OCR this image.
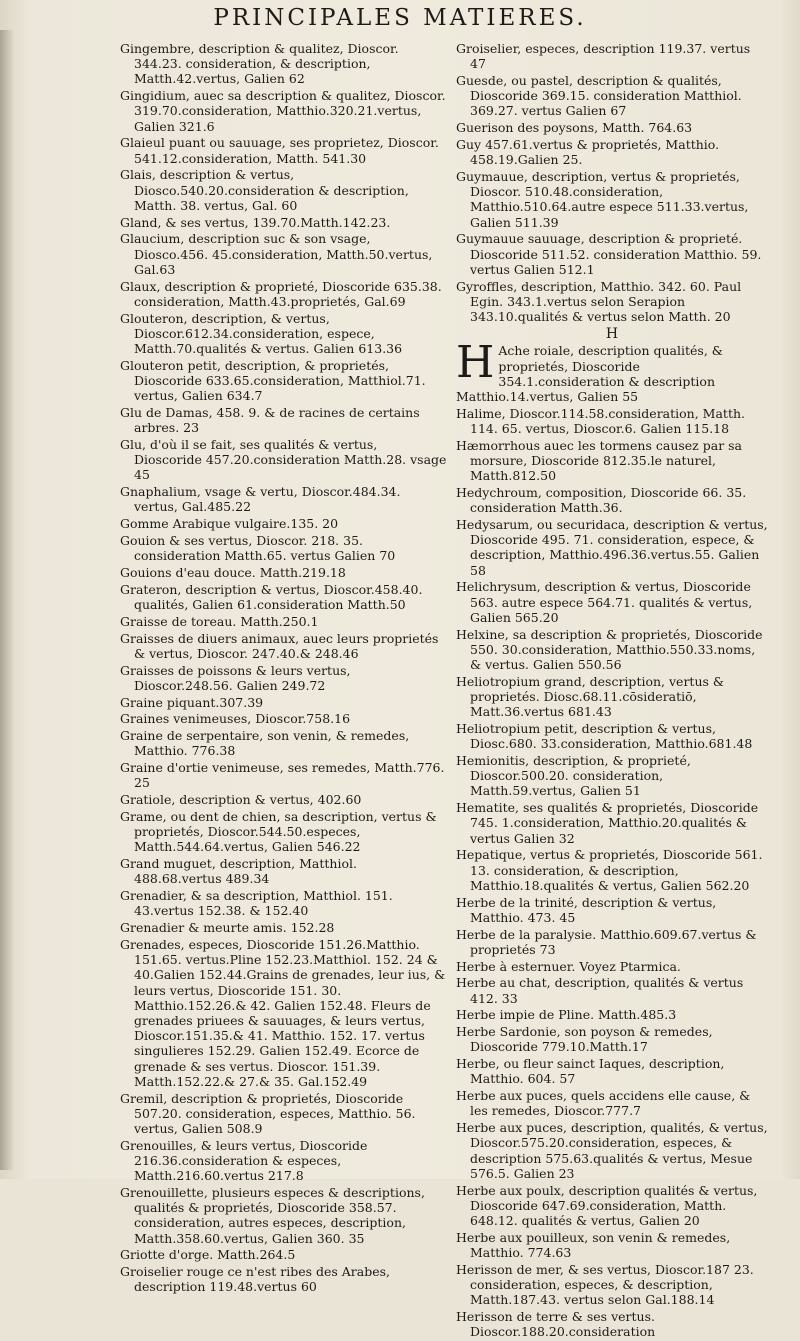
PRINCIPALES MATIERES.
Gingembre, description & qualitez, Dioscor. 344.23. consideration, & description, Matth.42.vertus, Galien 62
Gingidium, auec sa description & qualitez, Dioscor. 319.70.consideration, Matthio.320.21.vertus, Galien 321.6
Glaieul puant ou sauuage, ses proprietez, Dioscor. 541.12.consideration, Matth. 541.30
Glais, description & vertus, Diosco.540.20.consideration & description, Matth. 38. vertus, Gal. 60
Gland, & ses vertus, 139.70.Matth.142.23.
Glaucium, description suc & son vsage, Diosco.456. 45.consideration, Matth.50.vertus, Gal.63
Glaux, description & proprieté, Dioscoride 635.38. consideration, Matth.43.proprietés, Gal.69
Glouteron, description, & vertus, Dioscor.612.34.consideration, espece, Matth.70.qualités & vertus. Galien 613.36
Glouteron petit, description, & proprietés, Dioscoride 633.65.consideration, Matthiol.71. vertus, Galien 634.7
Glu de Damas, 458. 9. & de racines de certains arbres. 23
Glu, d'où il se fait, ses qualités & vertus, Dioscoride 457.20.consideration Matth.28. vsage 45
Gnaphalium, vsage & vertu, Dioscor.484.34. vertus, Gal.485.22
Gomme Arabique vulgaire.135. 20
Gouion & ses vertus, Dioscor. 218. 35. consideration Matth.65. vertus Galien 70
Gouions d'eau douce. Matth.219.18
Grateron, description & vertus, Dioscor.458.40. qualités, Galien 61.consideration Matth.50
Graisse de toreau. Matth.250.1
Graisses de diuers animaux, auec leurs proprietés & vertus, Dioscor. 247.40.& 248.46
Graisses de poissons & leurs vertus, Dioscor.248.56. Galien 249.72
Graine piquant.307.39
Graines venimeuses, Dioscor.758.16
Graine de serpentaire, son venin, & remedes, Matthio. 776.38
Graine d'ortie venimeuse, ses remedes, Matth.776. 25
Gratiole, description & vertus, 402.60
Grame, ou dent de chien, sa description, vertus & proprietés, Dioscor.544.50.especes, Matth.544.64.vertus, Galien 546.22
Grand muguet, description, Matthiol. 488.68.vertus 489.34
Grenadier, & sa description, Matthiol. 151. 43.vertus 152.38. & 152.40
Grenadier & meurte amis. 152.28
Grenades, especes, Dioscoride 151.26.Matthio. 151.65. vertus.Pline 152.23.Matthiol. 152. 24 & 40.Galien 152.44.Grains de grenades, leur ius, & leurs vertus, Dioscoride 151. 30. Matthio.152.26.& 42. Galien 152.48. Fleurs de grenades priuees & sauuages, & leurs vertus, Dioscor.151.35.& 41. Matthio. 152. 17. vertus singulieres 152.29. Galien 152.49. Ecorce de grenade & ses vertus. Dioscor. 151.39. Matth.152.22.& 27.& 35. Gal.152.49
Gremil, description & proprietés, Dioscoride 507.20. consideration, especes, Matthio. 56. vertus, Galien 508.9
Grenouilles, & leurs vertus, Dioscoride 216.36.consideration & especes, Matth.216.60.vertus 217.8
Grenouillette, plusieurs especes & descriptions, qualités & proprietés, Dioscoride 358.57. consideration, autres especes, description, Matth.358.60.vertus, Galien 360. 35
Griotte d'orge. Matth.264.5
Groiselier rouge ce n'est ribes des Arabes, description 119.48.vertus 60
Groiselier, especes, description 119.37. vertus 47
Guesde, ou pastel, description & qualités, Dioscoride 369.15. consideration Matthiol. 369.27. vertus Galien 67
Guerison des poysons, Matth. 764.63
Guy 457.61.vertus & proprietés, Matthio. 458.19.Galien 25.
Guymauue, description, vertus & proprietés, Dioscor. 510.48.consideration, Matthio.510.64.autre espece 511.33.vertus, Galien 511.39
Guymauue sauuage, description & proprieté. Dioscoride 511.52. consideration Matthio. 59. vertus Galien 512.1
Gyroffles, description, Matthio. 342. 60. Paul Egin. 343.1.vertus selon Serapion 343.10.qualités & vertus selon Matth. 20
H
H Ache roiale, description qualités, & proprietés, Dioscoride 354.1.consideration & description Matthio.14.vertus, Galien 55
Halime, Dioscor.114.58.consideration, Matth. 114. 65. vertus, Dioscor.6. Galien 115.18
Hæmorrhous auec les tormens causez par sa morsure, Dioscoride 812.35.le naturel, Matth.812.50
Hedychroum, composition, Dioscoride 66. 35. consideration Matth.36.
Hedysarum, ou securidaca, description & vertus, Dioscoride 495. 71. consideration, espece, & description, Matthio.496.36.vertus.55. Galien 58
Helichrysum, description & vertus, Dioscoride 563. autre espece 564.71. qualités & vertus, Galien 565.20
Helxine, sa description & proprietés, Dioscoride 550. 30.consideration, Matthio.550.33.noms, & vertus. Galien 550.56
Heliotropium grand, description, vertus & proprietés. Diosc.68.11.cōsideratiō, Matt.36.vertus 681.43
Heliotropium petit, description & vertus, Diosc.680. 33.consideration, Matthio.681.48
Hemionitis, description, & proprieté, Dioscor.500.20. consideration, Matth.59.vertus, Galien 51
Hematite, ses qualités & proprietés, Dioscoride 745. 1.consideration, Matthio.20.qualités & vertus Galien 32
Hepatique, vertus & proprietés, Dioscoride 561. 13. consideration, & description, Matthio.18.qualités & vertus, Galien 562.20
Herbe de la trinité, description & vertus, Matthio. 473. 45
Herbe de la paralysie. Matthio.609.67.vertus & proprietés 73
Herbe à esternuer. Voyez Ptarmica.
Herbe au chat, description, qualités & vertus 412. 33
Herbe impie de Pline. Matth.485.3
Herbe Sardonie, son poyson & remedes, Dioscoride 779.10.Matth.17
Herbe, ou fleur sainct Iaques, description, Matthio. 604. 57
Herbe aux puces, quels accidens elle cause, & les remedes, Dioscor.777.7
Herbe aux puces, description, qualités, & vertus, Dioscor.575.20.consideration, especes, & description 575.63.qualités & vertus, Mesue 576.5. Galien 23
Herbe aux poulx, description qualités & vertus, Dioscoride 647.69.consideration, Matth. 648.12. qualités & vertus, Galien 20
Herbe aux pouilleux, son venin & remedes, Matthio. 774.63
Herisson de mer, & ses vertus, Dioscor.187 23. consideration, especes, & description, Matth.187.43. vertus selon Gal.188.14
Herisson de terre & ses vertus. Dioscor.188.20.consideration
